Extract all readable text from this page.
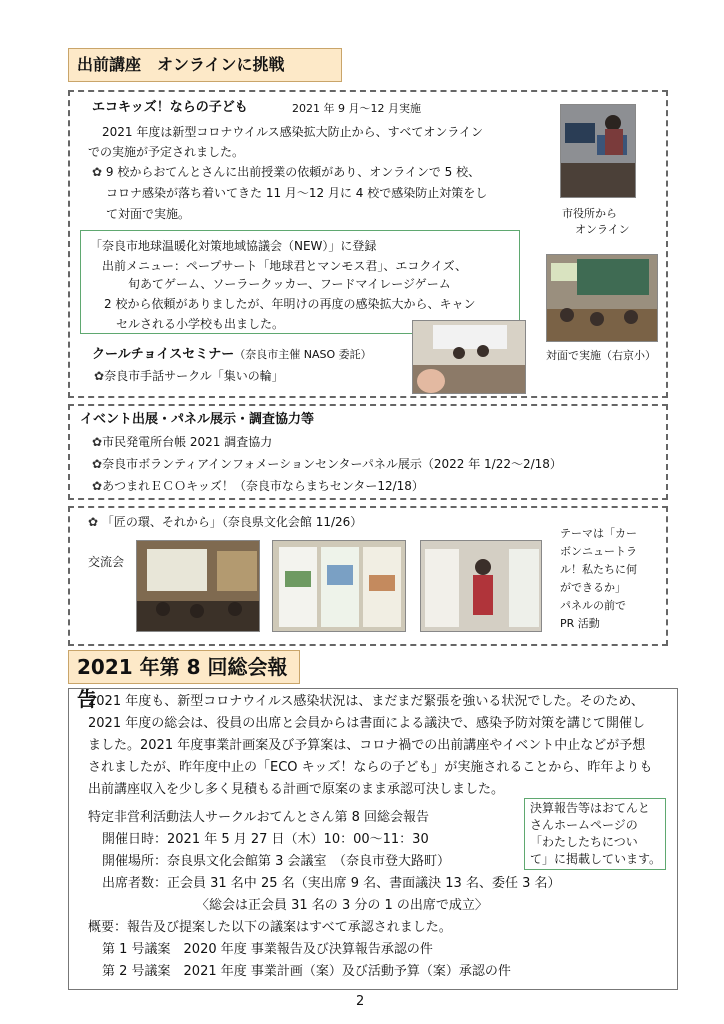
出前講座　オンラインに挑戦
エコキッズ！ならの子ども	2021 年 9 月～12 月実施
2021 年度は新型コロナウイルス感染拡大防止から、すべてオンライン
での実施が予定されました。
✿ 9 校からおてんとさんに出前授業の依頼があり、オンラインで 5 校、
コロナ感染が落ち着いてきた 11 月～12 月に 4 校で感染防止対策をし
て対面で実施。	市役所から
オンライン
「奈良市地球温暖化対策地域協議会（NEW）」に登録
出前メニュー：ペープサート「地球君とマンモス君」、エコクイズ、
旬あてゲーム、ソーラークッカー、フードマイレージゲーム
2 校から依頼がありましたが、年明けの再度の感染拡大から、キャン
セルされる小学校も出ました。
対面で実施（右京小）
クールチョイスセミナー（奈良市主催 NASO 委託）
✿奈良市手話サークル「集いの輪」
イベント出展・パネル展示・調査協力等
✿市民発電所台帳 2021 調査協力
✿奈良市ボランティアインフォメーションセンターパネル展示（2022 年 1/22～2/18）
✿あつまれＥＣＯキッズ！（奈良市ならまちセンター12/18）
✿ 「匠の環、それから」（奈良県文化会館 11/26）
交流会
テーマは「カー
ボンニュートラ
ル！私たちに何
ができるか」
パネルの前で
PR 活動
2021 年第 8 回総会報告
2021 年度も、新型コロナウイルス感染状況は、まだまだ緊張を強いる状況でした。そのため、
2021 年度の総会は、役員の出席と会員からは書面による議決で、感染予防対策を講じて開催し
ました。2021 年度事業計画案及び予算案は、コロナ禍での出前講座やイベント中止などが予想
されましたが、昨年度中止の「ECO キッズ！ならの子ども」が実施されることから、昨年よりも
出前講座収入を少し多く見積もる計画で原案のまま承認可決しました。
特定非営利活動法人サークルおてんとさん第 8 回総会報告
開催日時：2021 年 5 月 27 日（木）10：00～11：30
開催場所：奈良県文化会館第 3 会議室　（奈良市登大路町）
出席者数：正会員 31 名中 25 名（実出席 9 名、書面議決 13 名、委任 3 名）
〈総会は正会員 31 名の 3 分の 1 の出席で成立〉
概要：報告及び提案した以下の議案はすべて承認されました。
第 1 号議案　2020 年度 事業報告及び決算報告承認の件
第 2 号議案　2021 年度 事業計画（案）及び活動予算（案）承認の件
決算報告等はおてんと
さんホームページの
「わたしたちについ
て」に掲載しています。
2
